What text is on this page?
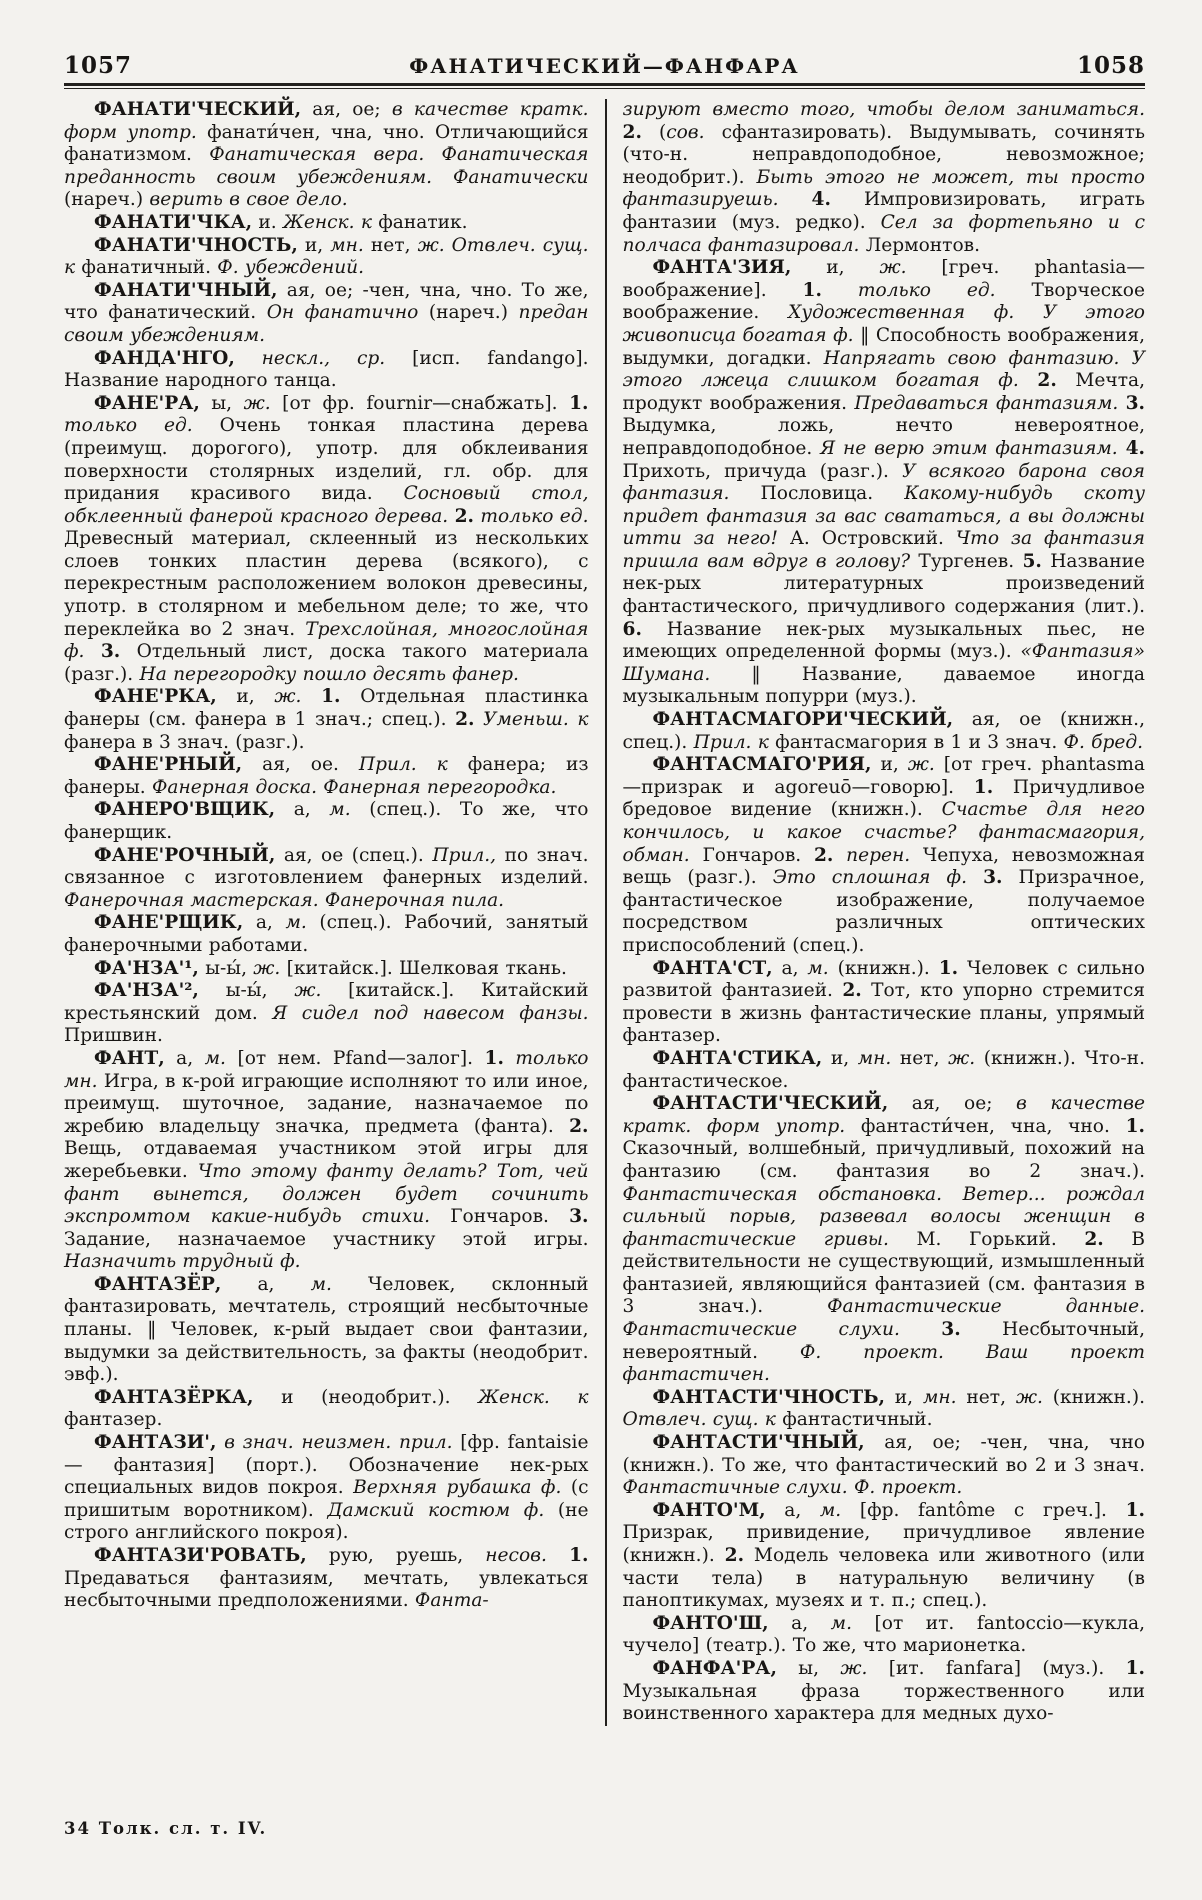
1057	ФАНАТИЧЕСКИЙ—ФАНФАРА	1058

ФАНАТИ'ЧЕСКИЙ, ая, ое; в качестве кратк. форм употр. фанати́чен, чна, чно. Отличающийся фанатизмом. Фанатическая вера. Фанатическая преданность своим убеждениям. Фанатически (нареч.) верить в свое дело.

ФАНАТИ'ЧКА, и. Женск. к фанатик.

ФАНАТИ'ЧНОСТЬ, и, мн. нет, ж. Отвлеч. сущ. к фанатичный. Ф. убеждений.

ФАНАТИ'ЧНЫЙ, ая, ое; -чен, чна, чно. То же, что фанатический. Он фанатично (нареч.) предан своим убеждениям.

ФАНДА'НГО, нескл., ср. [исп. fandango]. Название народного танца.

ФАНЕ'РА, ы, ж. [от фр. fournir—снабжать]. 1. только ед. Очень тонкая пластина дерева (преимущ. дорогого), употр. для обклеивания поверхности столярных изделий, гл. обр. для придания красивого вида. Сосновый стол, обклеенный фанерой красного дерева. 2. только ед. Древесный материал, склеенный из нескольких слоев тонких пластин дерева (всякого), с перекрестным расположением волокон древесины, употр. в столярном и мебельном деле; то же, что переклейка во 2 знач. Трехслойная, многослойная ф. 3. Отдельный лист, доска такого материала (разг.). На перегородку пошло десять фанер.

ФАНЕ'РКА, и, ж. 1. Отдельная пластинка фанеры (см. фанера в 1 знач.; спец.). 2. Уменьш. к фанера в 3 знач. (разг.).

ФАНЕ'РНЫЙ, ая, ое. Прил. к фанера; из фанеры. Фанерная доска. Фанерная перегородка.

ФАНЕРО'ВЩИК, а, м. (спец.). То же, что фанерщик.

ФАНЕ'РОЧНЫЙ, ая, ое (спец.). Прил., по знач. связанное с изготовлением фанерных изделий. Фанерочная мастерская. Фанерочная пила.

ФАНЕ'РЩИК, а, м. (спец.). Рабочий, занятый фанерочными работами.

ФА'НЗА'¹, ы-ы́, ж. [китайск.]. Шелковая ткань.

ФА'НЗА'², ы-ы́, ж. [китайск.]. Китайский крестьянский дом. Я сидел под навесом фанзы. Пришвин.

ФАНТ, а, м. [от нем. Pfand—залог]. 1. только мн. Игра, в к-рой играющие исполняют то или иное, преимущ. шуточное, задание, назначаемое по жребию владельцу значка, предмета (фанта). 2. Вещь, отдаваемая участником этой игры для жеребьевки. Что этому фанту делать? Тот, чей фант вынется, должен будет сочинить экспромтом какие-нибудь стихи. Гончаров. 3. Задание, назначаемое участнику этой игры. Назначить трудный ф.

ФАНТАЗЁР, а, м. Человек, склонный фантазировать, мечтатель, строящий несбыточные планы. ‖ Человек, к-рый выдает свои фантазии, выдумки за действительность, за факты (неодобрит. эвф.).

ФАНТАЗЁРКА, и (неодобрит.). Женск. к фантазер.

ФАНТАЗИ', в знач. неизмен. прил. [фр. fantaisie — фантазия] (порт.). Обозначение нек-рых специальных видов покроя. Верхняя рубашка ф. (с пришитым воротником). Дамский костюм ф. (не строго английского покроя).

ФАНТАЗИ'РОВАТЬ, рую, руешь, несов. 1. Предаваться фантазиям, мечтать, увлекаться несбыточными предположениями. Фанта-

зируют вместо того, чтобы делом заниматься. 2. (сов. сфантазировать). Выдумывать, сочинять (что-н. неправдоподобное, невозможное; неодобрит.). Быть этого не может, ты просто фантазируешь. 4. Импровизировать, играть фантазии (муз. редко). Сел за фортепьяно и с полчаса фантазировал. Лермонтов.

ФАНТА'ЗИЯ, и, ж. [греч. phantasia—воображение]. 1. только ед. Творческое воображение. Художественная ф. У этого живописца богатая ф. ‖ Способность воображения, выдумки, догадки. Напрягать свою фантазию. У этого лжеца слишком богатая ф. 2. Мечта, продукт воображения. Предаваться фантазиям. 3. Выдумка, ложь, нечто невероятное, неправдоподобное. Я не верю этим фантазиям. 4. Прихоть, причуда (разг.). У всякого барона своя фантазия. Пословица. Какому-нибудь скоту придет фантазия за вас свататься, а вы должны итти за него! А. Островский. Что за фантазия пришла вам вдруг в голову? Тургенев. 5. Название нек-рых литературных произведений фантастического, причудливого содержания (лит.). 6. Название нек-рых музыкальных пьес, не имеющих определенной формы (муз.). «Фантазия» Шумана. ‖ Название, даваемое иногда музыкальным попурри (муз.).

ФАНТАСМАГОРИ'ЧЕСКИЙ, ая, ое (книжн., спец.). Прил. к фантасмагория в 1 и 3 знач. Ф. бред.

ФАНТАСМАГО'РИЯ, и, ж. [от греч. phantasma—призрак и agoreuō—говорю]. 1. Причудливое бредовое видение (книжн.). Счастье для него кончилось, и какое счастье? фантасмагория, обман. Гончаров. 2. перен. Чепуха, невозможная вещь (разг.). Это сплошная ф. 3. Призрачное, фантастическое изображение, получаемое посредством различных оптических приспособлений (спец.).

ФАНТА'СТ, а, м. (книжн.). 1. Человек с сильно развитой фантазией. 2. Тот, кто упорно стремится провести в жизнь фантастические планы, упрямый фантазер.

ФАНТА'СТИКА, и, мн. нет, ж. (книжн.). Что-н. фантастическое.

ФАНТАСТИ'ЧЕСКИЙ, ая, ое; в качестве кратк. форм употр. фантасти́чен, чна, чно. 1. Сказочный, волшебный, причудливый, похожий на фантазию (см. фантазия во 2 знач.). Фантастическая обстановка. Ветер... рождал сильный порыв, развевал волосы женщин в фантастические гривы. М. Горький. 2. В действительности не существующий, измышленный фантазией, являющийся фантазией (см. фантазия в 3 знач.). Фантастические данные. Фантастические слухи. 3. Несбыточный, невероятный. Ф. проект. Ваш проект фантастичен.

ФАНТАСТИ'ЧНОСТЬ, и, мн. нет, ж. (книжн.). Отвлеч. сущ. к фантастичный.

ФАНТАСТИ'ЧНЫЙ, ая, ое; -чен, чна, чно (книжн.). То же, что фантастический во 2 и 3 знач. Фантастичные слухи. Ф. проект.

ФАНТО'М, а, м. [фр. fantôme с греч.]. 1. Призрак, привидение, причудливое явление (книжн.). 2. Модель человека или животного (или части тела) в натуральную величину (в паноптикумах, музеях и т. п.; спец.).

ФАНТО'Ш, а, м. [от ит. fantoccio—кукла, чучело] (театр.). То же, что марионетка.

ФАНФА'РА, ы, ж. [ит. fanfara] (муз.). 1. Музыкальная фраза торжественного или воинственного характера для медных духо-

34 Толк. сл. т. IV.
